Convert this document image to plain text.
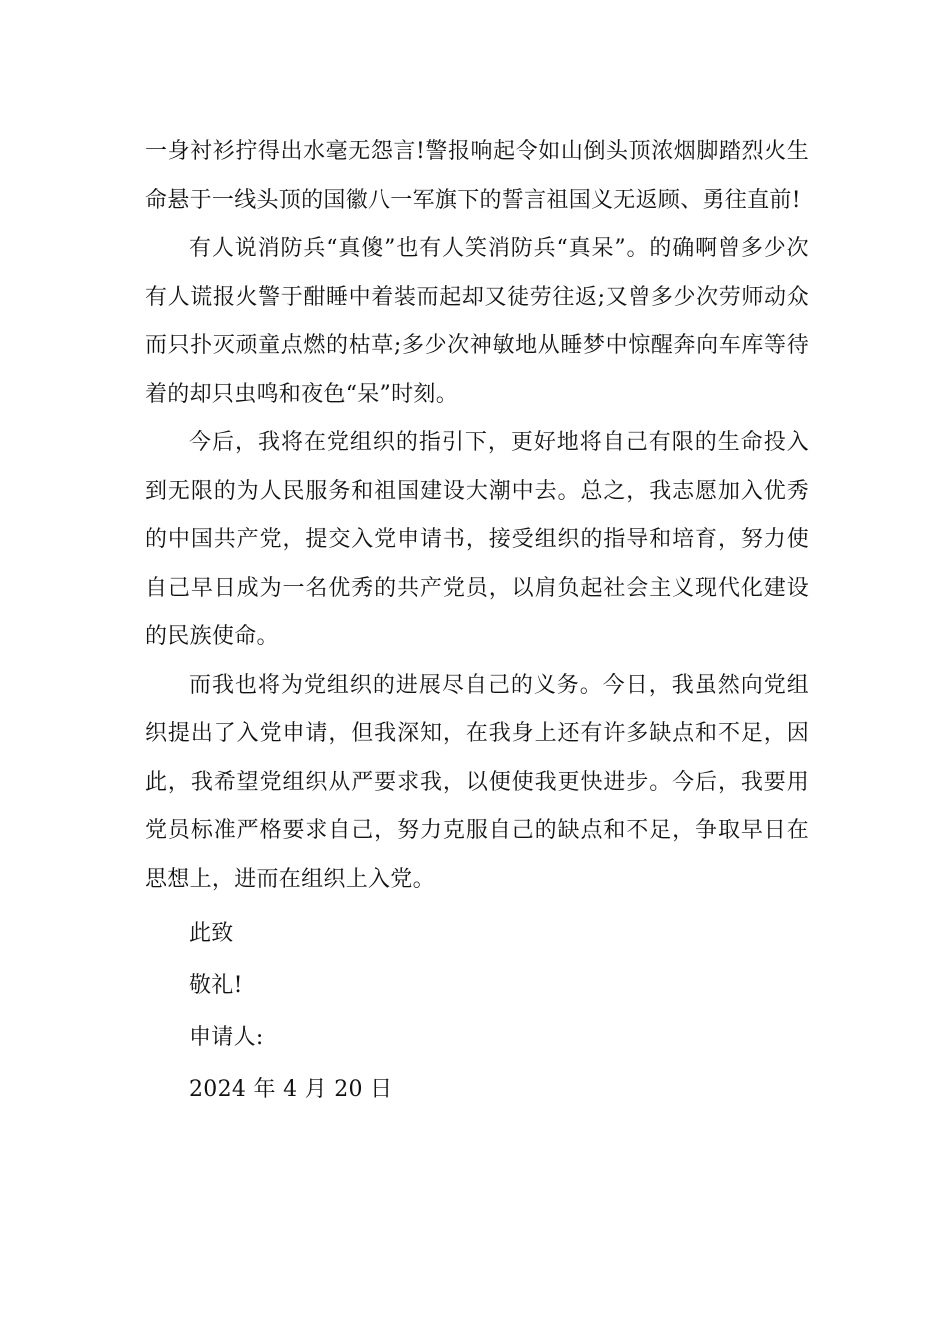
一身衬衫拧得出水毫无怨言!警报响起令如山倒头顶浓烟脚踏烈火生命悬于一线头顶的国徽八一军旗下的誓言祖国义无返顾、勇往直前!

有人说消防兵“真傻”也有人笑消防兵“真呆”。的确啊曾多少次有人谎报火警于酣睡中着装而起却又徒劳往返;又曾多少次劳师动众而只扑灭顽童点燃的枯草;多少次神敏地从睡梦中惊醒奔向车库等待着的却只虫鸣和夜色“呆”时刻。

今后，我将在党组织的指引下，更好地将自己有限的生命投入到无限的为人民服务和祖国建设大潮中去。总之，我志愿加入优秀的中国共产党，提交入党申请书，接受组织的指导和培育，努力使自己早日成为一名优秀的共产党员，以肩负起社会主义现代化建设的民族使命。

而我也将为党组织的进展尽自己的义务。今日，我虽然向党组织提出了入党申请，但我深知，在我身上还有许多缺点和不足，因此，我希望党组织从严要求我，以便使我更快进步。今后，我要用党员标准严格要求自己，努力克服自己的缺点和不足，争取早日在思想上，进而在组织上入党。

此致

敬礼!

申请人:

2024 年 4 月 20 日
